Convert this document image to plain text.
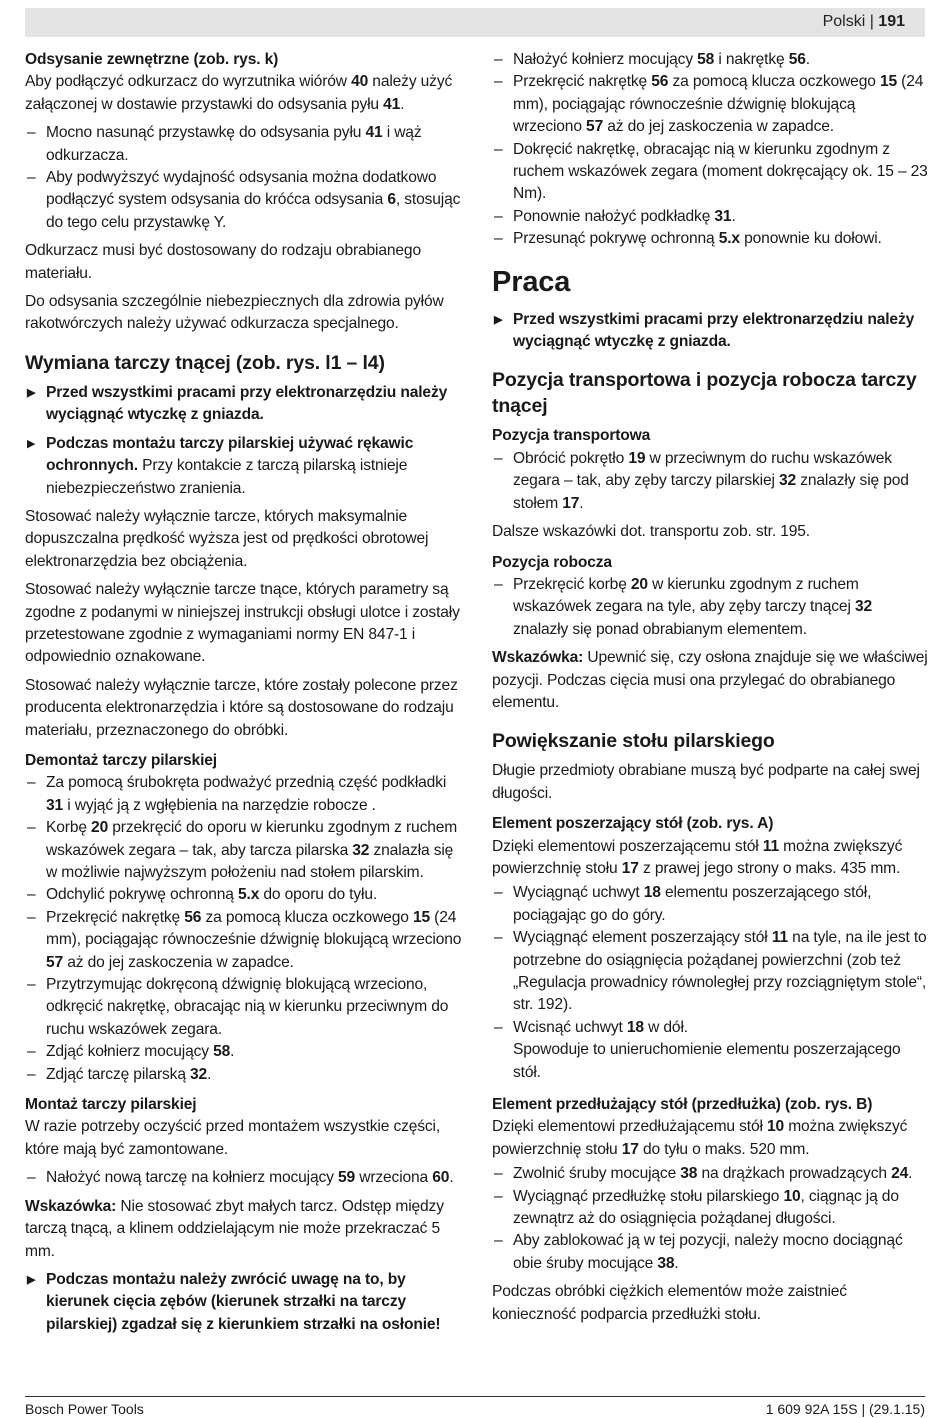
Polski | 191
Odsysanie zewnętrzne (zob. rys. k)

Aby podłączyć odkurzacz do wyrzutnika wiórów 40 należy użyć załączonej w dostawie przystawki do odsysania pyłu 41.

– Mocno nasunąć przystawkę do odsysania pyłu 41 i wąż odkurzacza.
– Aby podwyższyć wydajność odsysania można dodatkowo podłączyć system odsysania do króćca odsysania 6, stosując do tego celu przystawkę Y.

Odkurzacz musi być dostosowany do rodzaju obrabianego materiału.

Do odsysania szczególnie niebezpiecznych dla zdrowia pyłów rakotwórczych należy używać odkurzacza specjalnego.

Wymiana tarczy tnącej (zob. rys. l1 – l4)
▶ Przed wszystkimi pracami przy elektronarzędziu należy wyciągnąć wtyczkę z gniazda.
▶ Podczas montażu tarczy pilarskiej używać rękawic ochronnych. Przy kontakcie z tarczą pilarską istnieje niebezpieczeństwo zranienia.

Stosować należy wyłącznie tarcze, których maksymalnie dopuszczalna prędkość wyższa jest od prędkości obrotowej elektronarzędzia bez obciążenia.

Stosować należy wyłącznie tarcze tnące, których parametry są zgodne z podanymi w niniejszej instrukcji obsługi ulotce i zostały przetestowane zgodnie z wymaganiami normy EN 847-1 i odpowiednio oznakowane.

Stosować należy wyłącznie tarcze, które zostały polecone przez producenta elektronarzędzia i które są dostosowane do rodzaju materiału, przeznaczonego do obróbki.

Demontaż tarczy pilarskiej
– Za pomocą śrubokręta podważyć przednią część podkładki 31 i wyjąć ją z wgłębienia na narzędzie robocze .
– Korbę 20 przekręcić do oporu w kierunku zgodnym z ruchem wskazówek zegara – tak, aby tarcza pilarska 32 znalazła się w możliwie najwyższym położeniu nad stołem pilarskim.
– Odchylić pokrywę ochronną 5.x do oporu do tyłu.
– Przekręcić nakrętkę 56 za pomocą klucza oczkowego 15 (24 mm), pociągając równocześnie dźwignię blokującą wrzeciono 57 aż do jej zaskoczenia w zapadce.
– Przytrzymując dokręconą dźwignię blokującą wrzeciono, odkręcić nakrętkę, obracając nią w kierunku przeciwnym do ruchu wskazówek zegara.
– Zdjąć kołnierz mocujący 58.
– Zdjąć tarczę pilarską 32.
Montaż tarczy pilarskiej

W razie potrzeby oczyścić przed montażem wszystkie części, które mają być zamontowane.

– Nałożyć nową tarczę na kołnierz mocujący 59 wrzeciona 60.

Wskazówka: Nie stosować zbyt małych tarcz. Odstęp między tarczą tnącą, a klinem oddzielającym nie może przekraczać 5 mm.

▶ Podczas montażu należy zwrócić uwagę na to, by kierunek cięcia zębów (kierunek strzałki na tarczy pilarskiej) zgadzał się z kierunkiem strzałki na osłonie!
– Nałożyć kołnierz mocujący 58 i nakrętkę 56.
– Przekręcić nakrętkę 56 za pomocą klucza oczkowego 15 (24 mm), pociągając równocześnie dźwignię blokującą wrzeciono 57 aż do jej zaskoczenia w zapadce.
– Dokręcić nakrętkę, obracając nią w kierunku zgodnym z ruchem wskazówek zegara (moment dokręcający ok. 15 – 23 Nm).
– Ponownie nałożyć podkładkę 31.
– Przesunąć pokrywę ochronną 5.x ponownie ku dołowi.
Praca
▶ Przed wszystkimi pracami przy elektronarzędziu należy wyciągnąć wtyczkę z gniazda.
Pozycja transportowa i pozycja robocza tarczy tnącej
Pozycja transportowa
– Obrócić pokrętło 19 w przeciwnym do ruchu wskazówek zegara – tak, aby zęby tarczy pilarskiej 32 znalazły się pod stołem 17.

Dalsze wskazówki dot. transportu zob. str. 195.

Pozycja robocza
– Przekręcić korbę 20 w kierunku zgodnym z ruchem wskazówek zegara na tyle, aby zęby tarczy tnącej 32 znalazły się ponad obrabianym elementem.

Wskazówka: Upewnić się, czy osłona znajduje się we właściwej pozycji. Podczas cięcia musi ona przylegać do obrabianego elementu.

Powiększanie stołu pilarskiego

Długie przedmioty obrabiane muszą być podparte na całej swej długości.

Element poszerzający stół (zob. rys. A)

Dzięki elementowi poszerzającemu stół 11 można zwiększyć powierzchnię stołu 17 z prawej jego strony o maks. 435 mm.

– Wyciągnąć uchwyt 18 elementu poszerzającego stół, pociągając go do góry.
– Wyciągnąć element poszerzający stół 11 na tyle, na ile jest to potrzebne do osiągnięcia pożądanej powierzchni (zob też „Regulacja prowadnicy równoległej przy rozciągniętym stole“, str. 192).
– Wcisnąć uchwyt 18 w dół.
Spowoduje to unieruchomienie elementu poszerzającego stół.
Element przedłużający stół (przedłużka) (zob. rys. B)

Dzięki elementowi przedłużającemu stół 10 można zwiększyć powierzchnię stołu 17 do tyłu o maks. 520 mm.

– Zwolnić śruby mocujące 38 na drążkach prowadzących 24.
– Wyciągnąć przedłużkę stołu pilarskiego 10, ciągnąc ją do zewnątrz aż do osiągnięcia pożądanej długości.
– Aby zablokować ją w tej pozycji, należy mocno dociągnąć obie śruby mocujące 38.

Podczas obróbki ciężkich elementów może zaistnieć konieczność podparcia przedłużki stołu.

Bosch Power Tools	1 609 92A 15S | (29.1.15)
